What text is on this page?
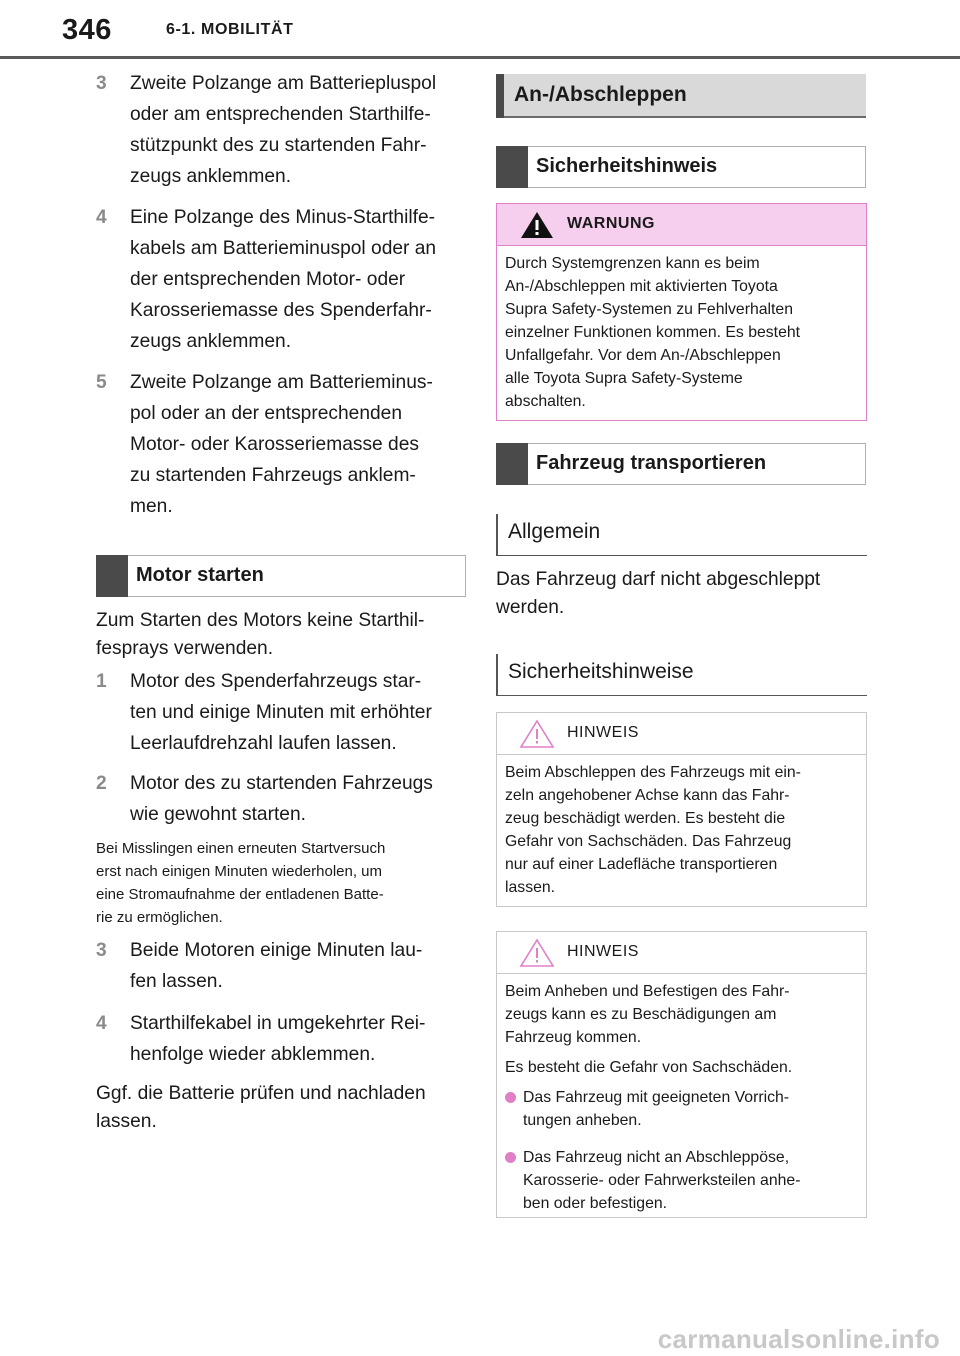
346	6-1. MOBILITÄT
3 Zweite Polzange am Batteriepluspol
oder am entsprechenden Starthilfe-
stützpunkt des zu startenden Fahr-
zeugs anklemmen.
4 Eine Polzange des Minus-Starthilfe-
kabels am Batterieminuspol oder an
der entsprechenden Motor- oder
Karosseriemasse des Spenderfahr-
zeugs anklemmen.
5 Zweite Polzange am Batterieminus-
pol oder an der entsprechenden
Motor- oder Karosseriemasse des
zu startenden Fahrzeugs anklem-
men.
Motor starten
Zum Starten des Motors keine Starthil-
fesprays verwenden.
1 Motor des Spenderfahrzeugs star-
ten und einige Minuten mit erhöhter
Leerlaufdrehzahl laufen lassen.
2 Motor des zu startenden Fahrzeugs
wie gewohnt starten.
Bei Misslingen einen erneuten Startversuch
erst nach einigen Minuten wiederholen, um
eine Stromaufnahme der entladenen Batte-
rie zu ermöglichen.
3 Beide Motoren einige Minuten lau-
fen lassen.
4 Starthilfekabel in umgekehrter Rei-
henfolge wieder abklemmen.
Ggf. die Batterie prüfen und nachladen
lassen.
An-/Abschleppen
Sicherheitshinweis
WARNUNG
Durch Systemgrenzen kann es beim
An-/Abschleppen mit aktivierten Toyota
Supra Safety-Systemen zu Fehlverhalten
einzelner Funktionen kommen. Es besteht
Unfallgefahr. Vor dem An-/Abschleppen
alle Toyota Supra Safety-Systeme
abschalten.
Fahrzeug transportieren
Allgemein
Das Fahrzeug darf nicht abgeschleppt
werden.
Sicherheitshinweise
HINWEIS
Beim Abschleppen des Fahrzeugs mit ein-
zeln angehobener Achse kann das Fahr-
zeug beschädigt werden. Es besteht die
Gefahr von Sachschäden. Das Fahrzeug
nur auf einer Ladefläche transportieren
lassen.
HINWEIS

Beim Anheben und Befestigen des Fahr-
zeugs kann es zu Beschädigungen am
Fahrzeug kommen.

Es besteht die Gefahr von Sachschäden.

Das Fahrzeug mit geeigneten Vorrich-
tungen anheben.
Das Fahrzeug nicht an Abschleppöse,
Karosserie- oder Fahrwerksteilen anhe-
ben oder befestigen.
carmanualsonline.info
